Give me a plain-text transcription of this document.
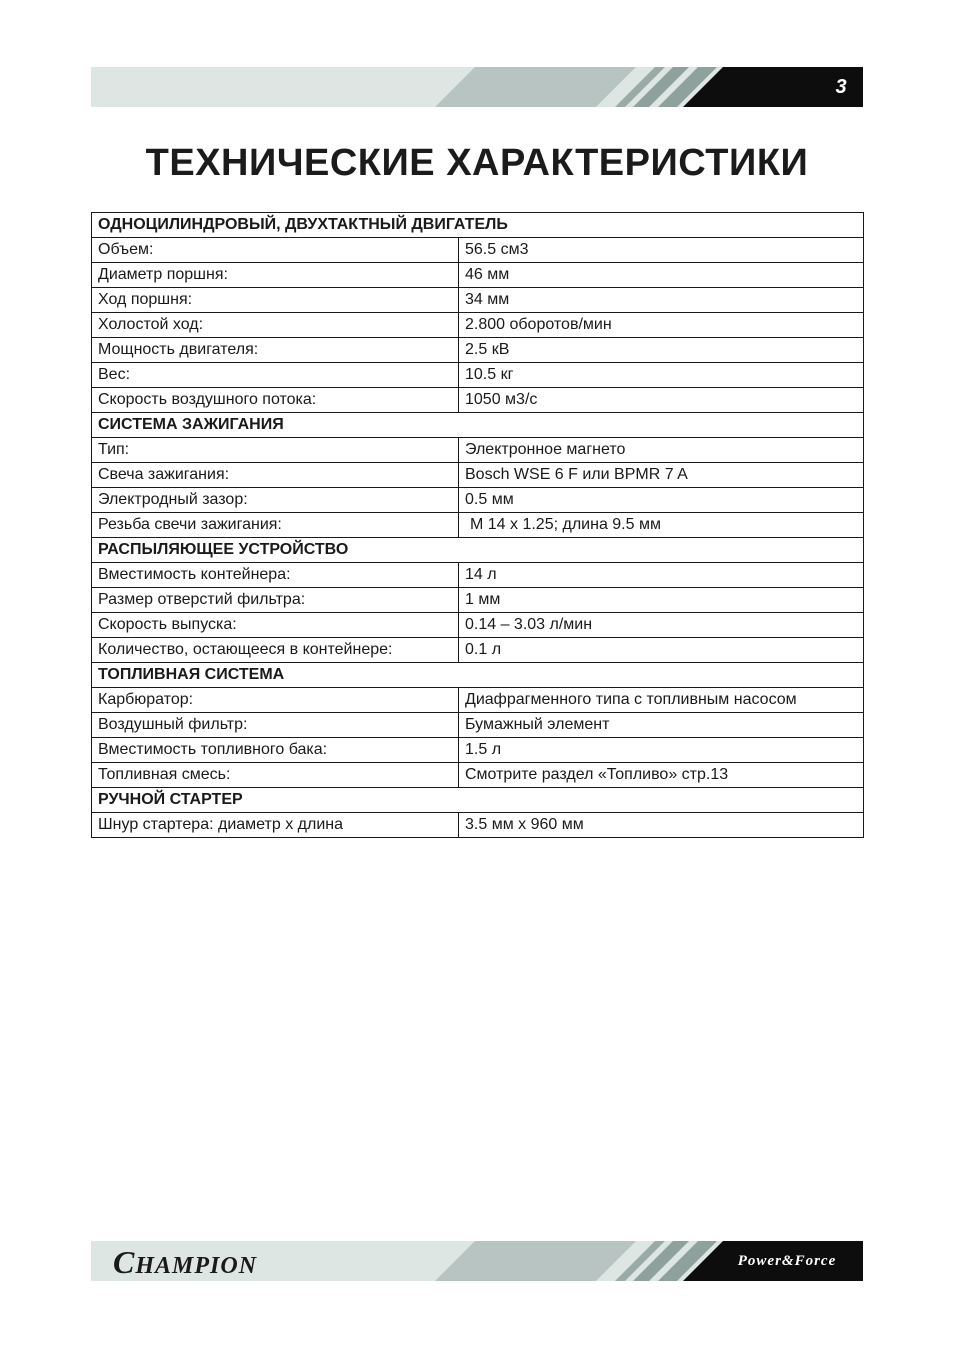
3
ТЕХНИЧЕСКИЕ ХАРАКТЕРИСТИКИ
ОДНОЦИЛИНДРОВЫЙ, ДВУХТАКТНЫЙ ДВИГАТЕЛЬ
Объем:	56.5 см3
Диаметр поршня:	46 мм
Ход поршня:	34 мм
Холостой ход:	2.800 оборотов/мин
Мощность двигателя:	2.5 кВ
Вес:	10.5 кг
Скорость воздушного потока:	1050 м3/с
СИСТЕМА ЗАЖИГАНИЯ
Тип:	Электронное магнето
Свеча зажигания:	Bosch WSE 6 F или BPMR 7 A
Электродный зазор:	0.5 мм
Резьба свечи зажигания:	M 14 x 1.25; длина 9.5 мм
РАСПЫЛЯЮЩЕЕ УСТРОЙСТВО
Вместимость контейнера:	14 л
Размер отверстий фильтра:	1 мм
Скорость выпуска:	0.14 – 3.03 л/мин
Количество, остающееся в контейнере:	0.1 л
ТОПЛИВНАЯ СИСТЕМА
Карбюратор:	Диафрагменного типа с топливным насосом
Воздушный фильтр:	Бумажный элемент
Вместимость топливного бака:	1.5 л
Топливная смесь:	Смотрите раздел «Топливо» стр.13
РУЧНОЙ СТАРТЕР
Шнур стартера: диаметр x длина	3.5 мм x 960 мм
CHAMPION	Power&Force
